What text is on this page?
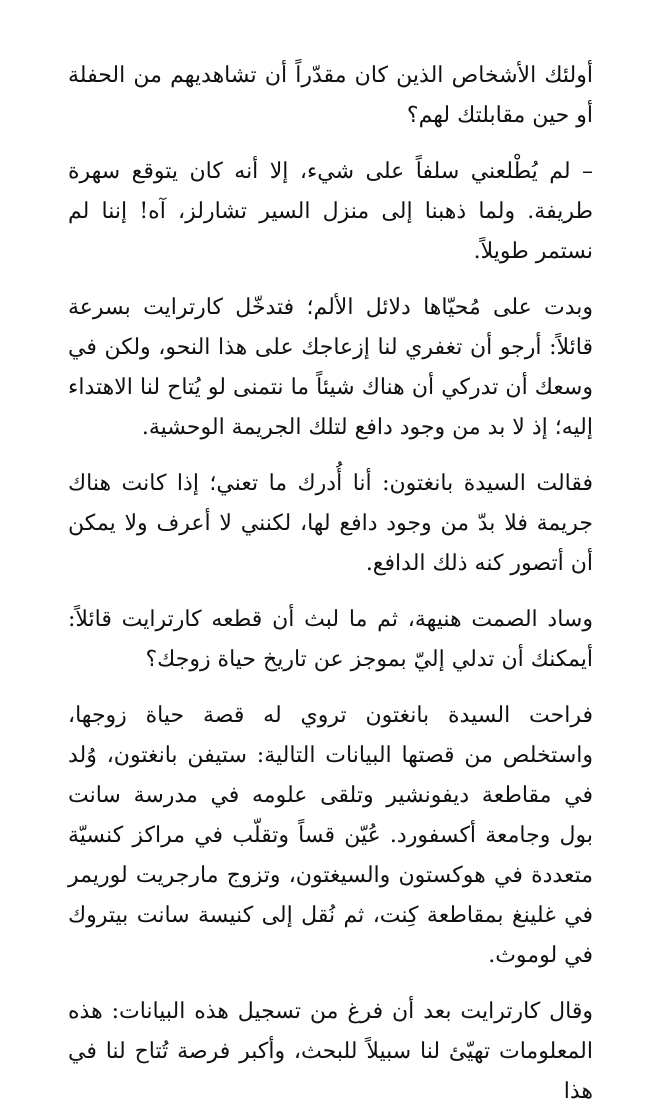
أولئك الأشخاص الذين كان مقدّراً أن تشاهديهم من الحفلة أو حين مقابلتك لهم؟

– لم يُطْلعني سلفاً على شيء، إلا أنه كان يتوقع سهرة طريفة. ولما ذهبنا إلى منزل السير تشارلز، آه! إننا لم نستمر طويلاً.

وبدت على مُحيّاها دلائل الألم؛ فتدخّل كارترايت بسرعة قائلاً: أرجو أن تغفري لنا إزعاجك على هذا النحو، ولكن في وسعك أن تدركي أن هناك شيئاً ما نتمنى لو يُتاح لنا الاهتداء إليه؛ إذ لا بد من وجود دافع لتلك الجريمة الوحشية.

فقالت السيدة بانغتون: أنا أُدرك ما تعني؛ إذا كانت هناك جريمة فلا بدّ من وجود دافع لها، لكنني لا أعرف ولا يمكن أن أتصور كنه ذلك الدافع.

وساد الصمت هنيهة، ثم ما لبث أن قطعه كارترايت قائلاً: أيمكنك أن تدلي إليّ بموجز عن تاريخ حياة زوجك؟

فراحت السيدة بانغتون تروي له قصة حياة زوجها، واستخلص من قصتها البيانات التالية: ستيفن بانغتون، وُلد في مقاطعة ديفونشير وتلقى علومه في مدرسة سانت بول وجامعة أكسفورد. عُيّن قساً وتقلّب في مراكز كنسيّة متعددة في هوكستون والسيغتون، وتزوج مارجريت لوريمر في غلينغ بمقاطعة كِنت، ثم نُقل إلى كنيسة سانت بيتروك في لوموث.

وقال كارترايت بعد أن فرغ من تسجيل هذه البيانات: هذه المعلومات تهيّئ لنا سبيلاً للبحث، وأكبر فرصة تُتاح لنا في هذا
